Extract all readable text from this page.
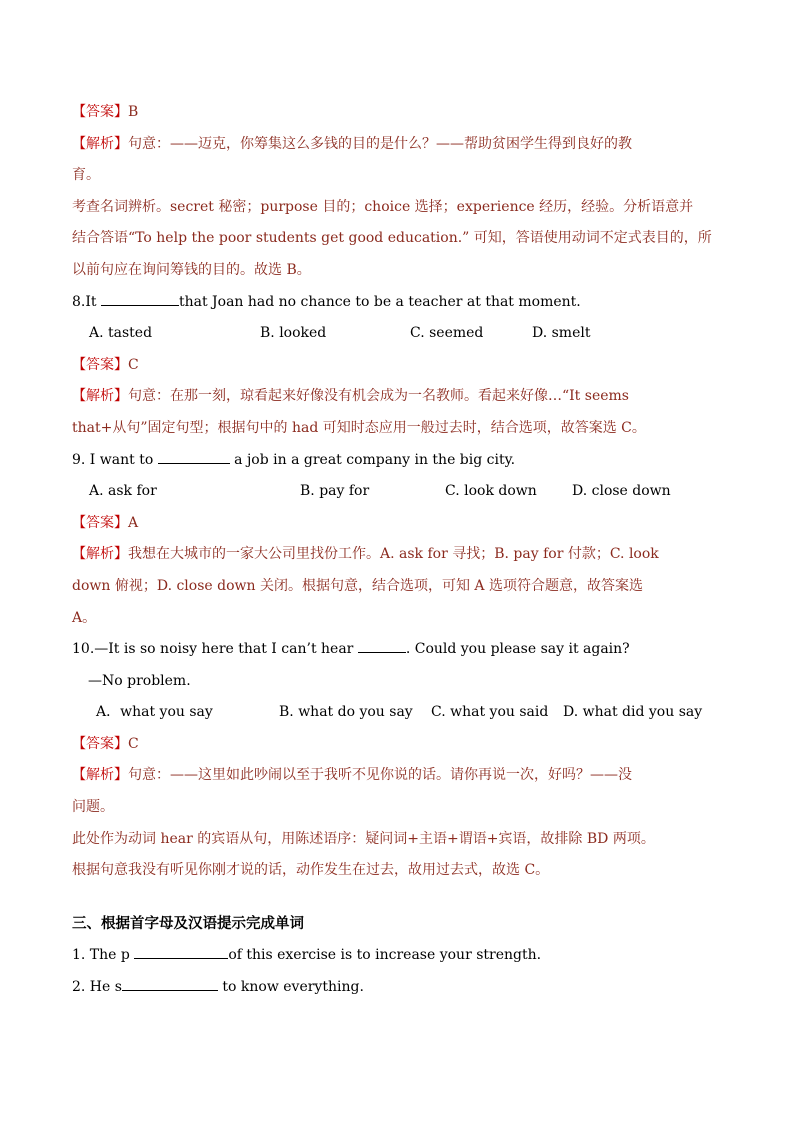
【答案】B
【解析】句意：——迈克，你筹集这么多钱的目的是什么？——帮助贫困学生得到良好的教
育。
考查名词辨析。secret 秘密；purpose 目的；choice 选择；experience 经历，经验。分析语意并
结合答语“To help the poor students get good education.” 可知，答语使用动词不定式表目的，所
以前句应在询问筹钱的目的。故选 B。
8.It	that Joan had no chance to be a teacher at that moment.
A. tasted	B. looked	C. seemed	D. smelt
【答案】C
【解析】句意：在那一刻，琼看起来好像没有机会成为一名教师。看起来好像…“It seems
that+从句”固定句型；根据句中的 had 可知时态应用一般过去时，结合选项，故答案选 C。
9. I want to	a job in a great company in the big city.
A. ask for	B. pay for	C. look down	D. close down
【答案】A
【解析】我想在大城市的一家大公司里找份工作。A. ask for 寻找；B. pay for 付款；C. look
down 俯视；D. close down 关闭。根据句意，结合选项，可知 A 选项符合题意，故答案选
A。
10.—It is so noisy here that I can’t hear	. Could you please say it again?
—No problem.
A．what you say	B. what do you say C. what you said D. what did you say
【答案】C
【解析】句意：——这里如此吵闹以至于我听不见你说的话。请你再说一次，好吗？——没
问题。
此处作为动词 hear 的宾语从句，用陈述语序：疑问词+主语+谓语+宾语，故排除 BD 两项。
根据句意我没有听见你刚才说的话，动作发生在过去，故用过去式，故选 C。
三、根据首字母及汉语提示完成单词
1. The p	of this exercise is to increase your strength.
2. He s	to know everything.
